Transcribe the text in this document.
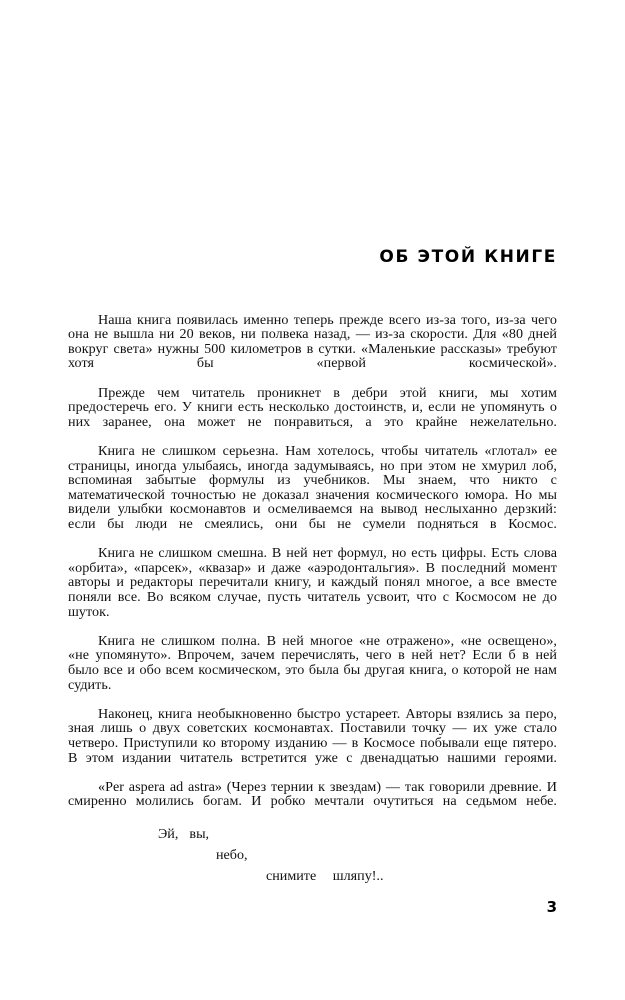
ОБ ЭТОЙ КНИГЕ

Наша книга появилась именно теперь прежде всего из-за того, из-за чего она не вышла ни 20 веков, ни полвека назад, — из-за скорости. Для «80 дней вокруг света» нужны 500 километров в сутки. «Маленькие рассказы» требуют хотя бы «первой космической».

Прежде чем читатель проникнет в дебри этой книги, мы хотим предостеречь его. У книги есть несколько достоинств, и, если не упомянуть о них заранее, она может не понравиться, а это крайне нежелательно.

Книга не слишком серьезна. Нам хотелось, чтобы читатель «глотал» ее страницы, иногда улыбаясь, иногда задумываясь, но при этом не хмурил лоб, вспоминая забытые формулы из учебников. Мы знаем, что никто с математической точностью не доказал значения космического юмора. Но мы видели улыбки космонавтов и осмеливаемся на вывод неслыханно дерзкий: если бы люди не смеялись, они бы не сумели подняться в Космос.

Книга не слишком смешна. В ней нет формул, но есть цифры. Есть слова «орбита», «парсек», «квазар» и даже «аэродонтальгия». В последний момент авторы и редакторы перечитали книгу, и каждый понял многое, а все вместе поняли все. Во всяком случае, пусть читатель усвоит, что с Космосом не до шуток.

Книга не слишком полна. В ней многое «не отражено», «не освещено», «не упомянуто». Впрочем, зачем перечислять, чего в ней нет? Если б в ней было все и обо всем космическом, это была бы другая книга, о которой не нам судить.

Наконец, книга необыкновенно быстро устареет. Авторы взялись за перо, зная лишь о двух советских космонавтах. Поставили точку — их уже стало четверо. Приступили ко второму изданию — в Космосе побывали еще пятеро. В этом издании читатель встретится уже с двенадцатью нашими героями.

«Per aspera ad astra» (Через тернии к звездам) — так говорили древние. И смиренно молились богам. И робко мечтали очутиться на седьмом небе.

Эй,  вы,
небо,
снимите   шляпу!..
3
